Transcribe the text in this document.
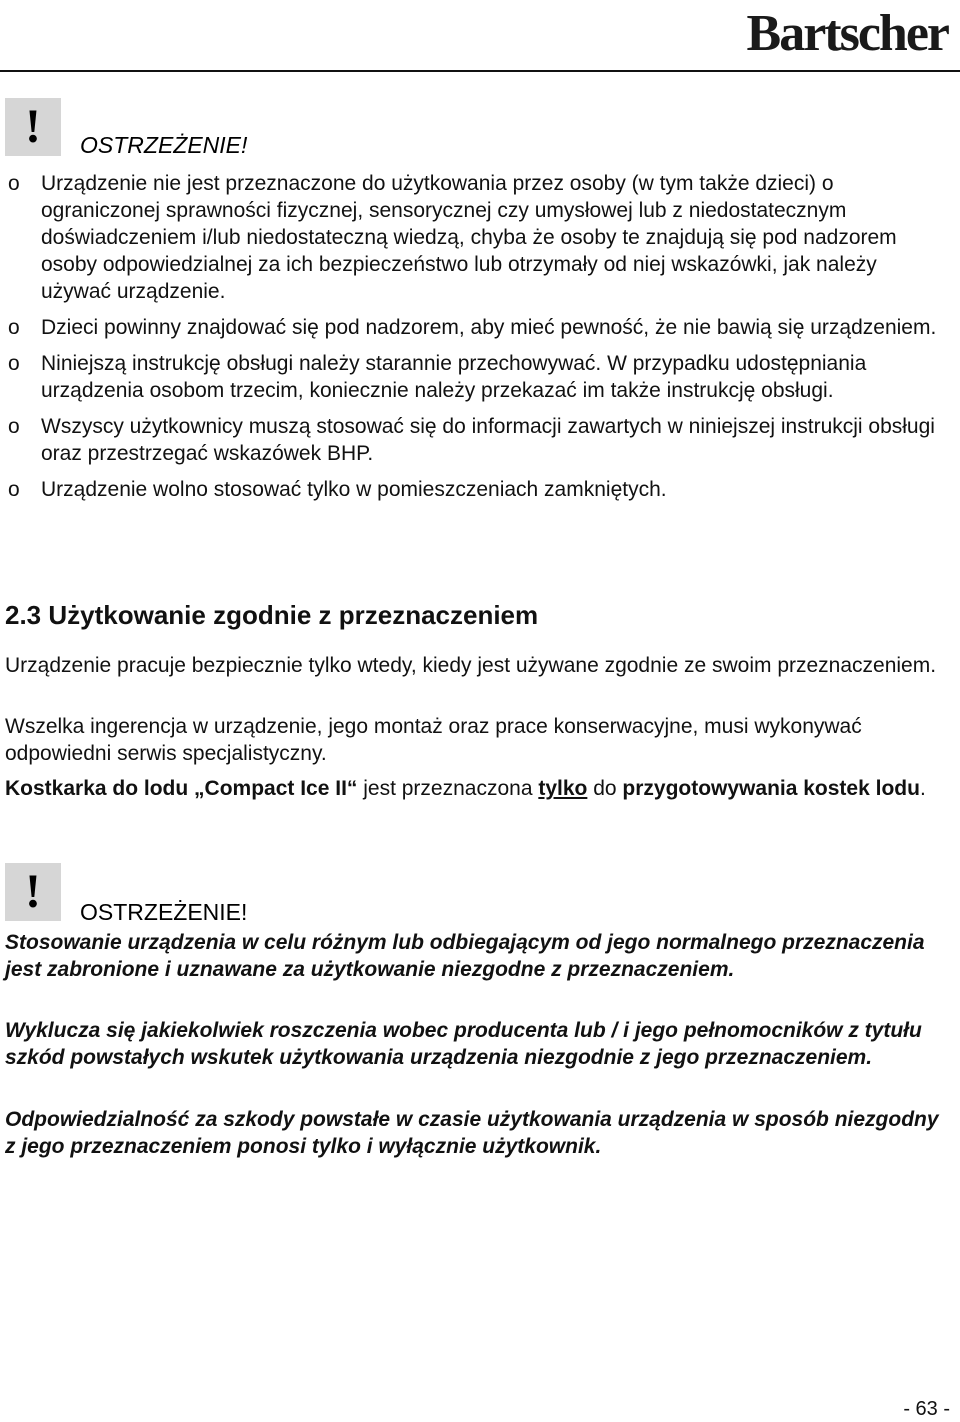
Bartscher
!	OSTRZEŻENIE!
o Urządzenie nie jest przeznaczone do użytkowania przez osoby (w tym także dzieci) o ograniczonej sprawności fizycznej, sensorycznej czy umysłowej lub z niedostatecznym doświadczeniem i/lub niedostateczną wiedzą, chyba że osoby te znajdują się pod nadzorem osoby odpowiedzialnej za ich bezpieczeństwo lub otrzymały od niej wskazówki, jak należy używać urządzenie.
o Dzieci powinny znajdować się pod nadzorem, aby mieć pewność, że nie bawią się urządzeniem.
o Niniejszą instrukcję obsługi należy starannie przechowywać. W przypadku udostępniania urządzenia osobom trzecim, koniecznie należy przekazać im także instrukcję obsługi.
o Wszyscy użytkownicy muszą stosować się do informacji zawartych w niniejszej instrukcji obsługi oraz przestrzegać wskazówek BHP.
o Urządzenie wolno stosować tylko w pomieszczeniach zamkniętych.
2.3 Użytkowanie zgodnie z przeznaczeniem
Urządzenie pracuje bezpiecznie tylko wtedy, kiedy jest używane zgodnie ze swoim przeznaczeniem.
Wszelka ingerencja w urządzenie, jego montaż oraz prace konserwacyjne, musi wykonywać odpowiedni serwis specjalistyczny.
Kostkarka do lodu „Compact Ice II“ jest przeznaczona tylko do przygotowywania kostek lodu.
!	OSTRZEŻENIE!
Stosowanie urządzenia w celu różnym lub odbiegającym od jego normalnego przeznaczenia jest zabronione i uznawane za użytkowanie niezgodne z przeznaczeniem.
Wyklucza się jakiekolwiek roszczenia wobec producenta lub / i jego pełnomocników z tytułu szkód powstałych wskutek użytkowania urządzenia niezgodnie z jego przeznaczeniem.
Odpowiedzialność za szkody powstałe w czasie użytkowania urządzenia w sposób niezgodny z jego przeznaczeniem ponosi tylko i wyłącznie użytkownik.
- 63 -
